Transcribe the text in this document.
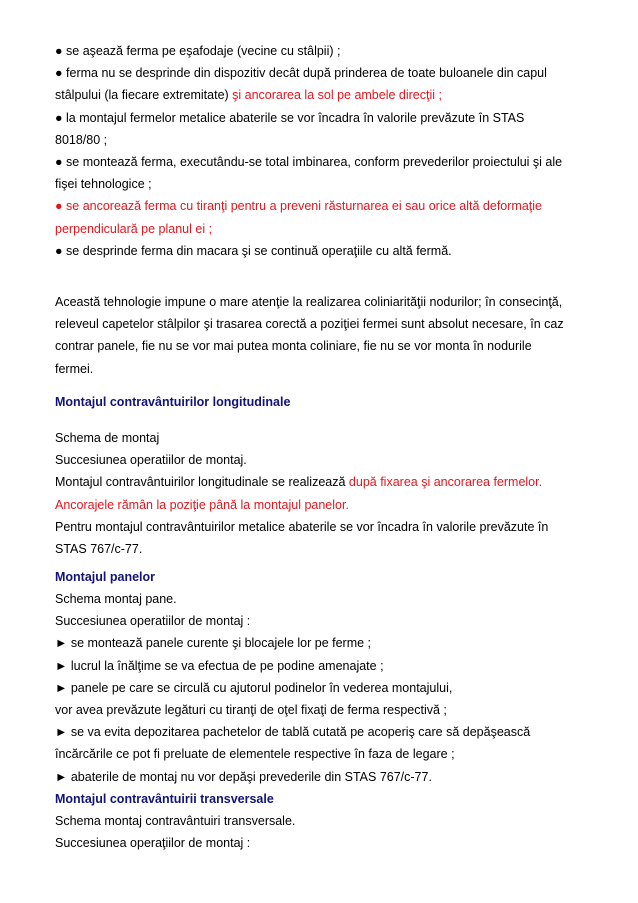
● se aşează ferma pe eşafodaje (vecine cu stâlpii) ;
● ferma nu se desprinde din dispozitiv decât după prinderea de toate buloanele din capul
stâlpului (la fiecare extremitate) şi ancorarea la sol pe ambele direcţii ;
● la montajul fermelor metalice abaterile se vor încadra în valorile prevăzute în STAS
8018/80 ;
● se montează ferma, executându-se total imbinarea, conform prevederilor proiectului şi ale
fişei tehnologice ;
● se ancorează ferma cu tiranţi pentru a preveni răsturnarea ei sau orice altă deformaţie
perpendiculară pe planul ei ;
● se desprinde ferma din macara şi se continuă operaţiile cu altă fermă.
Această tehnologie impune o mare atenţie la realizarea coliniarităţii nodurilor; în consecinţă,
releveul capetelor stâlpilor şi trasarea corectă a poziţiei fermei sunt absolut necesare, în caz
contrar panele, fie nu se vor mai putea monta coliniare, fie nu se vor monta în nodurile
fermei.
Montajul contravântuirilor longitudinale
Schema de montaj
Succesiunea operatiilor de montaj.
Montajul contravântuirilor longitudinale se realizează după fixarea şi ancorarea fermelor.
Ancorajele rămân la poziţie până la montajul panelor.
Pentru montajul contravântuirilor metalice abaterile se vor încadra în valorile prevăzute în
STAS 767/c-77.
Montajul panelor
Schema montaj pane.
Succesiunea operatiilor de montaj :
► se montează panele curente şi blocajele lor pe ferme ;
► lucrul la înălţime se va efectua de pe podine amenajate ;
► panele pe care se circulă cu ajutorul podinelor în vederea montajului,
vor avea prevăzute legături cu tiranţi de oţel fixaţi de ferma respectivă ;
► se va evita depozitarea pachetelor de tablă cutată pe acoperiş care să depăşească
încărcările ce pot fi preluate de elementele respective în faza de legare ;
► abaterile de montaj nu vor depăşi prevederile din STAS 767/c-77.
Montajul contravântuirii transversale
Schema montaj contravântuiri transversale.
Succesiunea operaţiilor de montaj :
